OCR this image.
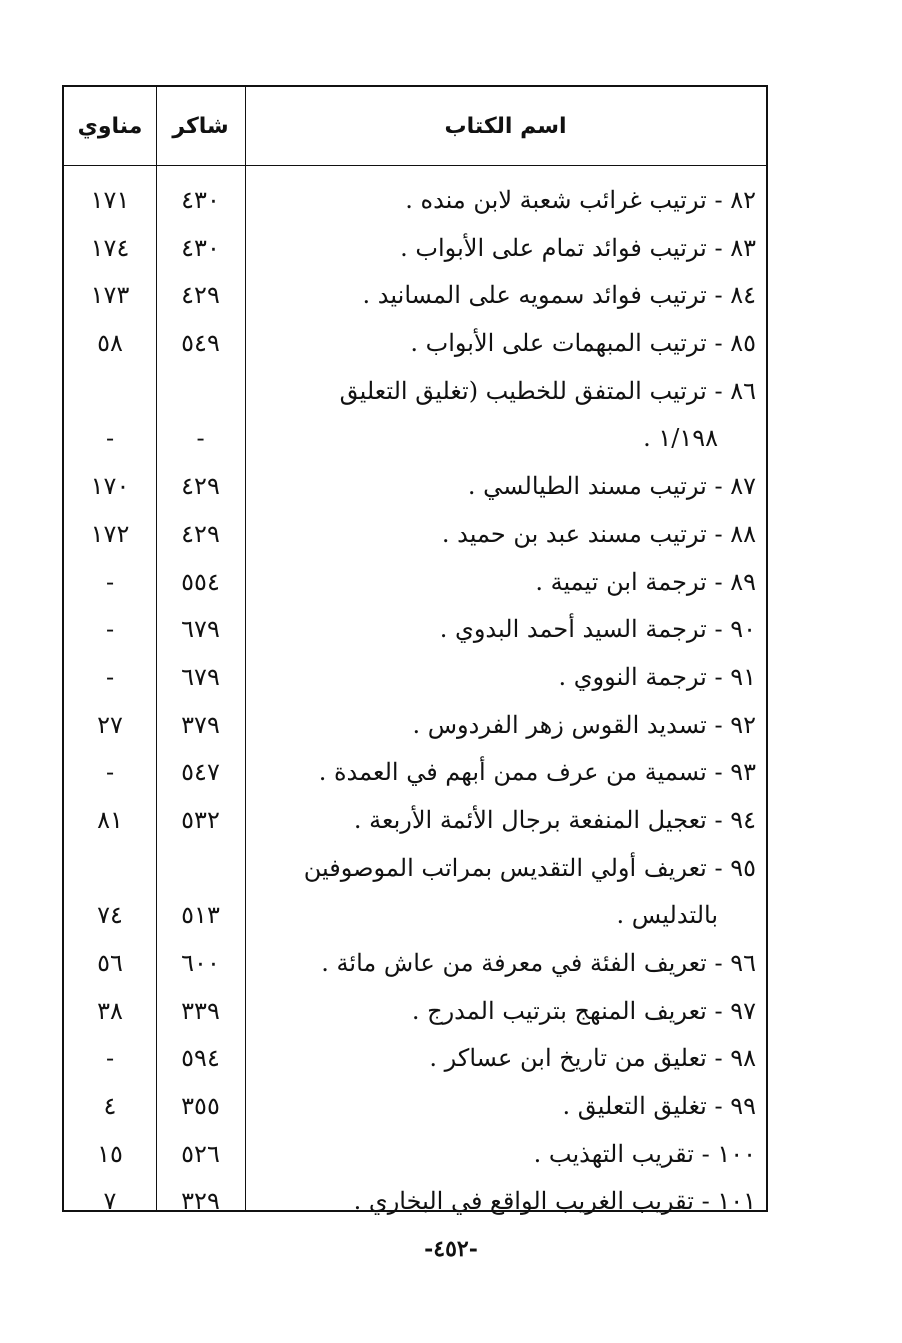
مناوي	شاكر	اسم الكتاب
٨٢ - ترتيب غرائب شعبة لابن منده .
٤٣٠
١٧١
٨٣ - ترتيب فوائد تمام على الأبواب .
٤٣٠
١٧٤
٨٤ - ترتيب فوائد سمويه على المسانيد .
٤٢٩
١٧٣
٨٥ - ترتيب المبهمات على الأبواب .
٥٤٩
٥٨
٨٦ - ترتيب المتفق للخطيب (تغليق التعليق
١/١٩٨ .
-
-
٨٧ - ترتيب مسند الطيالسي .
٤٢٩
١٧٠
٨٨ - ترتيب مسند عبد بن حميد .
٤٢٩
١٧٢
٨٩ - ترجمة ابن تيمية .
٥٥٤
-
٩٠ - ترجمة السيد أحمد البدوي .
٦٧٩
-
٩١ - ترجمة النووي .
٦٧٩
-
٩٢ - تسديد القوس زهر الفردوس .
٣٧٩
٢٧
٩٣ - تسمية من عرف ممن أبهم في العمدة .
٥٤٧
-
٩٤ - تعجيل المنفعة برجال الأئمة الأربعة .
٥٣٢
٨١
٩٥ - تعريف أولي التقديس بمراتب الموصوفين
بالتدليس .
٥١٣
٧٤
٩٦ - تعريف الفئة في معرفة من عاش مائة .
٦٠٠
٥٦
٩٧ - تعريف المنهج بترتيب المدرج .
٣٣٩
٣٨
٩٨ - تعليق من تاريخ ابن عساكر .
٥٩٤
-
٩٩ - تغليق التعليق .
٣٥٥
٤
١٠٠ - تقريب التهذيب .
٥٢٦
١٥
١٠١ - تقريب الغريب الواقع في البخاري .
٣٢٩
٧
-٤٥٢-
